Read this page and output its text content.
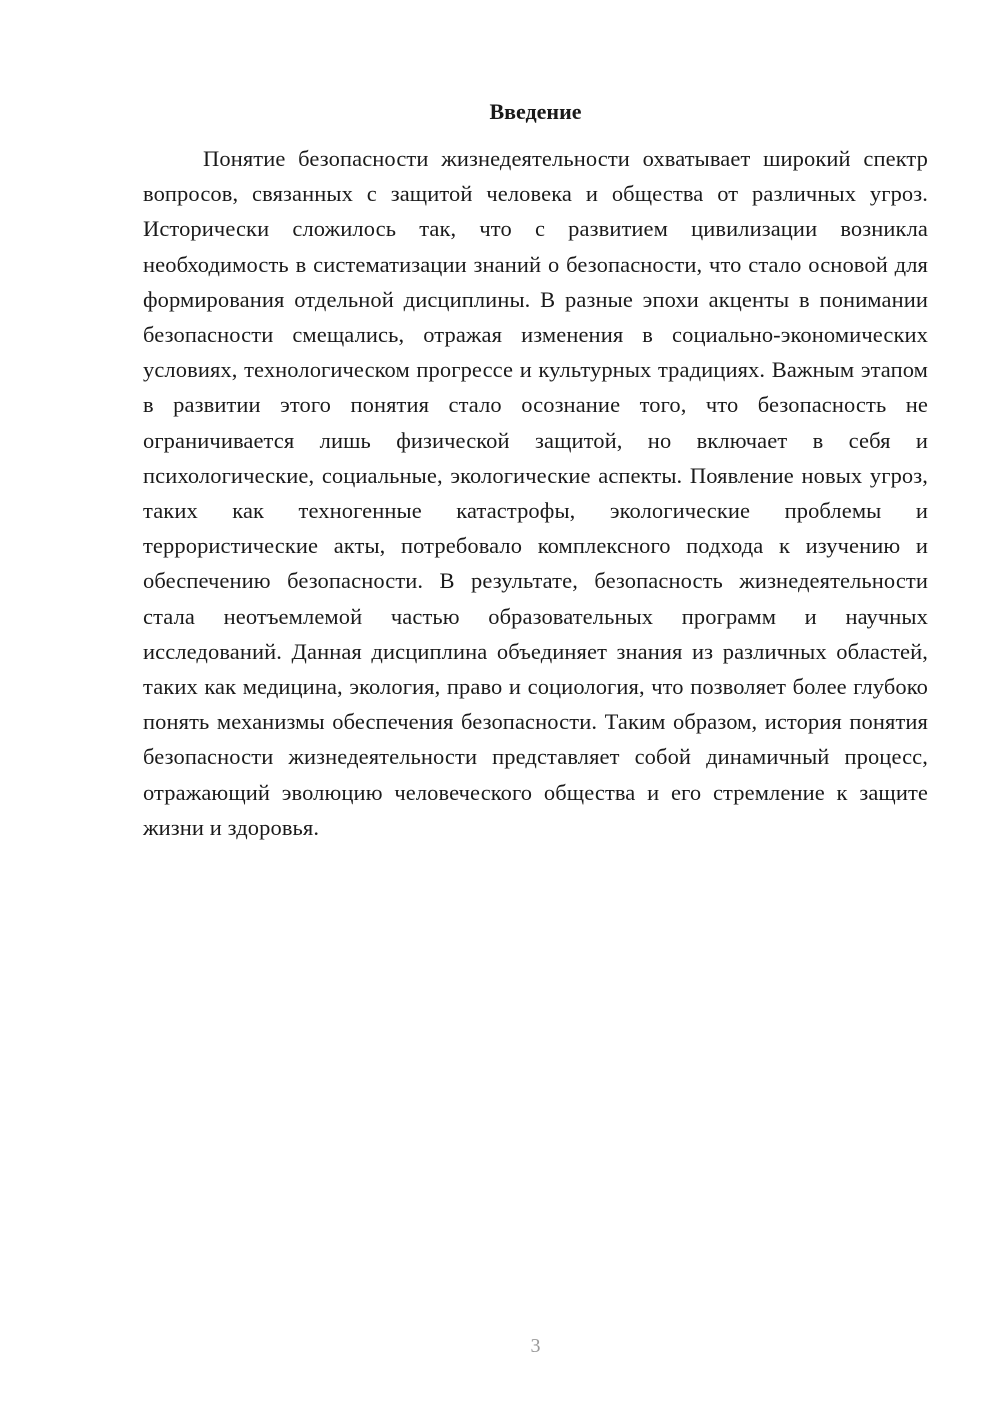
Введение

Понятие безопасности жизнедеятельности охватывает широкий спектр вопросов, связанных с защитой человека и общества от различных угроз. Исторически сложилось так, что с развитием цивилизации возникла необходимость в систематизации знаний о безопасности, что стало основой для формирования отдельной дисциплины. В разные эпохи акценты в понимании безопасности смещались, отражая изменения в социально-экономических условиях, технологическом прогрессе и культурных традициях. Важным этапом в развитии этого понятия стало осознание того, что безопасность не ограничивается лишь физической защитой, но включает в себя и психологические, социальные, экологические аспекты. Появление новых угроз, таких как техногенные катастрофы, экологические проблемы и террористические акты, потребовало комплексного подхода к изучению и обеспечению безопасности. В результате, безопасность жизнедеятельности стала неотъемлемой частью образовательных программ и научных исследований. Данная дисциплина объединяет знания из различных областей, таких как медицина, экология, право и социология, что позволяет более глубоко понять механизмы обеспечения безопасности. Таким образом, история понятия безопасности жизнедеятельности представляет собой динамичный процесс, отражающий эволюцию человеческого общества и его стремление к защите жизни и здоровья.

3
